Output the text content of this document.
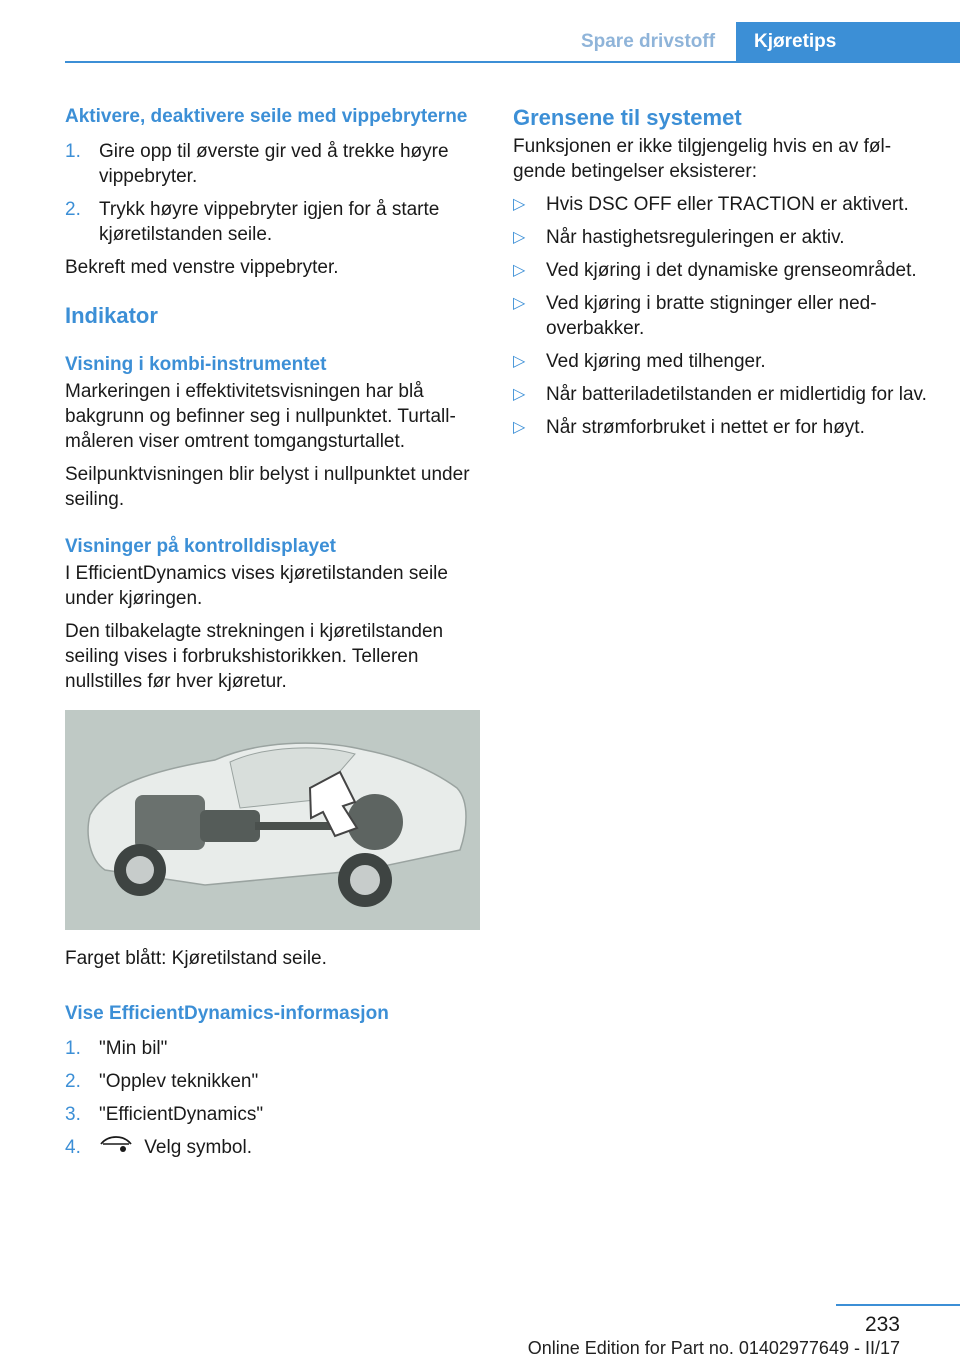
Spare drivstoff	Kjøretips
Aktivere, deaktivere seile med vippebryterne
1. Gire opp til øverste gir ved å trekke høyre vippebryter.
2. Trykk høyre vippebryter igjen for å starte kjøretilstanden seile.

Bekreft med venstre vippebryter.

Indikator
Visning i kombi-instrumentet

Markeringen i effektivitetsvisningen har blå bakgrunn og befinner seg i nullpunktet. Turtallmåleren viser omtrent tomgangsturtallet.

Seilpunktvisningen blir belyst i nullpunktet under seiling.

Visninger på kontrolldisplayet

I EfficientDynamics vises kjøretilstanden seile under kjøringen.

Den tilbakelagte strekningen i kjøretilstanden seiling vises i forbrukshistorikken. Telleren nullstilles før hver kjøretur.

Farget blått: Kjøretilstand seile.

Vise EfficientDynamics-informasjon
1. "Min bil"
2. "Opplev teknikken"
3. "EfficientDynamics"
4.	Velg symbol.
Grensene til systemet

Funksjonen er ikke tilgjengelig hvis en av følgende betingelser eksisterer:

▷ Hvis DSC OFF eller TRACTION er aktivert.
▷ Når hastighetsreguleringen er aktiv.
▷ Ved kjøring i det dynamiske grenseområdet.
▷ Ved kjøring i bratte stigninger eller nedoverbakker.
▷ Ved kjøring med tilhenger.
▷ Når batteriladetilstanden er midlertidig for lav.
▷ Når strømforbruket i nettet er for høyt.
233
Online Edition for Part no. 01402977649 - II/17
